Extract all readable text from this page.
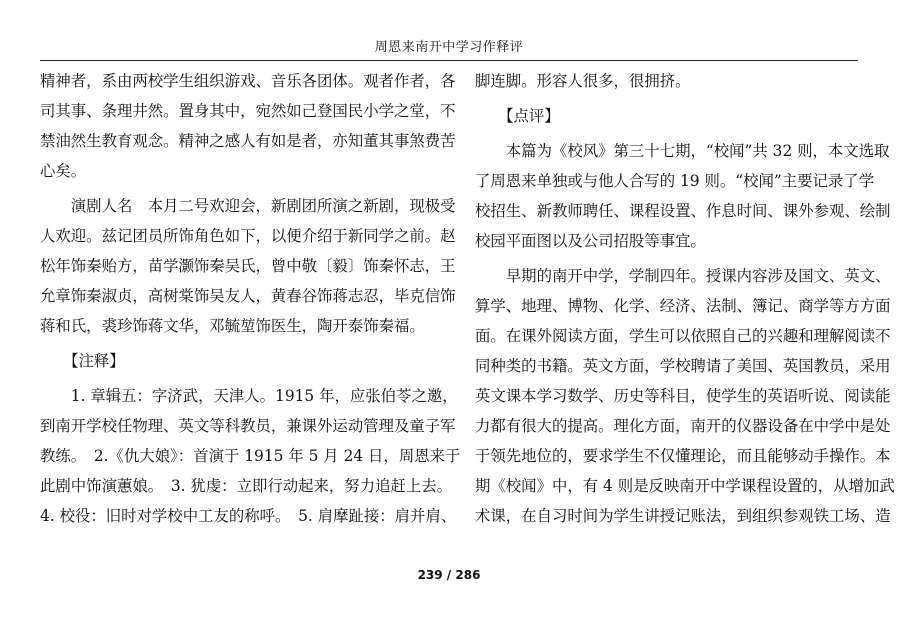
周恩来南开中学习作释评
精神者，系由两校学生组织游戏、音乐各团体。观者作者，各
司其事、条理井然。置身其中，宛然如己登国民小学之堂，不
禁油然生教育观念。精神之感人有如是者，亦知董其事煞费苦
心矣。
　　演剧人名　本月二号欢迎会，新剧团所演之新剧，现极受
人欢迎。兹记团员所饰角色如下，以便介绍于新同学之前。赵
松年饰秦贻方，苗学灏饰秦吴氏，曾中敬〔毅〕饰秦怀志，王
允章饰秦淑贞，高树棠饰吴友人，黄春谷饰蒋志忍，毕克信饰
蒋和氏，裘珍饰蒋文华，邓毓堃饰医生，陶开泰饰秦福。
　　【注释】
　　1. 章辑五：字济武，天津人。1915 年，应张伯苓之邀，
到南开学校任物理、英文等科教员，兼课外运动管理及童子军
教练。　2.《仇大娘》：首演于 1915 年 5 月 24 日，周恩来于
此剧中饰演蕙娘。　3. 犹虔：立即行动起来，努力追赶上去。
4. 校役：旧时对学校中工友的称呼。　5. 肩摩趾接：肩并肩、
脚连脚。形容人很多，很拥挤。
　　【点评】
　　本篇为《校风》第三十七期，“校闻”共 32 则，本文选取
了周恩来单独或与他人合写的 19 则。“校闻”主要记录了学
校招生、新教师聘任、课程设置、作息时间、课外参观、绘制
校园平面图以及公司招股等事宜。
　　早期的南开中学，学制四年。授课内容涉及国文、英文、
算学、地理、博物、化学、经济、法制、簿记、商学等方方面
面。在课外阅读方面，学生可以依照自己的兴趣和理解阅读不
同种类的书籍。英文方面，学校聘请了美国、英国教员，采用
英文课本学习数学、历史等科目，使学生的英语听说、阅读能
力都有很大的提高。理化方面，南开的仪器设备在中学中是处
于领先地位的，要求学生不仅懂理论，而且能够动手操作。本
期《校闻》中，有 4 则是反映南开中学课程设置的，从增加武
术课，在自习时间为学生讲授记账法，到组织参观铁工场、造
239 / 286
